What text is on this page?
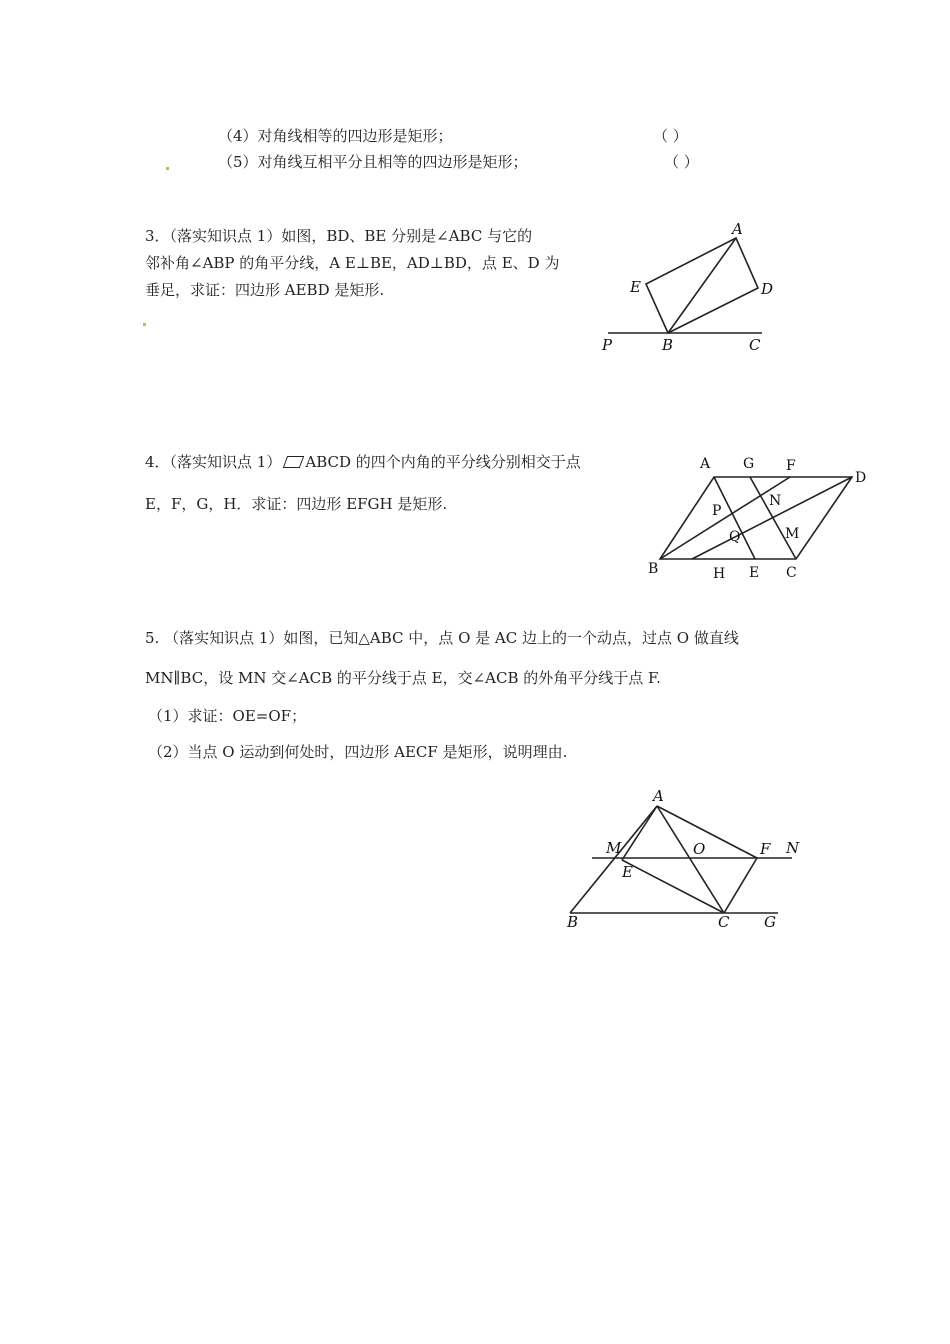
（4）对角线相等的四边形是矩形；	（ ）
（5）对角线互相平分且相等的四边形是矩形；	（ ）
3．（落实知识点 1）如图，BD、BE 分别是∠ABC 与它的
邻补角∠ABP 的角平分线，A E⊥BE，AD⊥BD，点 E、D 为
垂足，求证：四边形 AEBD 是矩形.
A
E	D
P	B	C
4．（落实知识点 1） ABCD 的四个内角的平分线分别相交于点
E，F，G，H．求证：四边形 EFGH 是矩形.
A G F
D
N
P
M
Q
B	H E C
5. （落实知识点 1）如图，已知△ABC 中，点 O 是 AC 边上的一个动点，过点 O 做直线
MN∥BC，设 MN 交∠ACB 的平分线于点 E，交∠ACB 的外角平分线于点 F.
（1）求证：OE=OF；
（2）当点 O 运动到何处时，四边形 AECF 是矩形，说明理由.
A
M	O	F N
E
B	C G
